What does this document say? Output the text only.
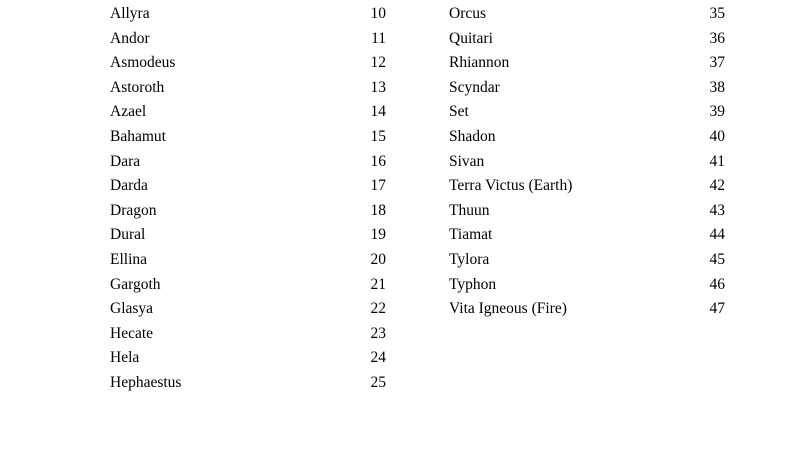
Allyra	10
Andor	11
Asmodeus	12
Astoroth	13
Azael	14
Bahamut	15
Dara	16
Darda	17
Dragon	18
Dural	19
Ellina	20
Gargoth	21
Glasya	22
Hecate	23
Hela	24
Hephaestus	25
Orcus	35
Quitari	36
Rhiannon	37
Scyndar	38
Set	39
Shadon	40
Sivan	41
Terra Victus (Earth)	42
Thuun	43
Tiamat	44
Tylora	45
Typhon	46
Vita Igneous (Fire)	47
